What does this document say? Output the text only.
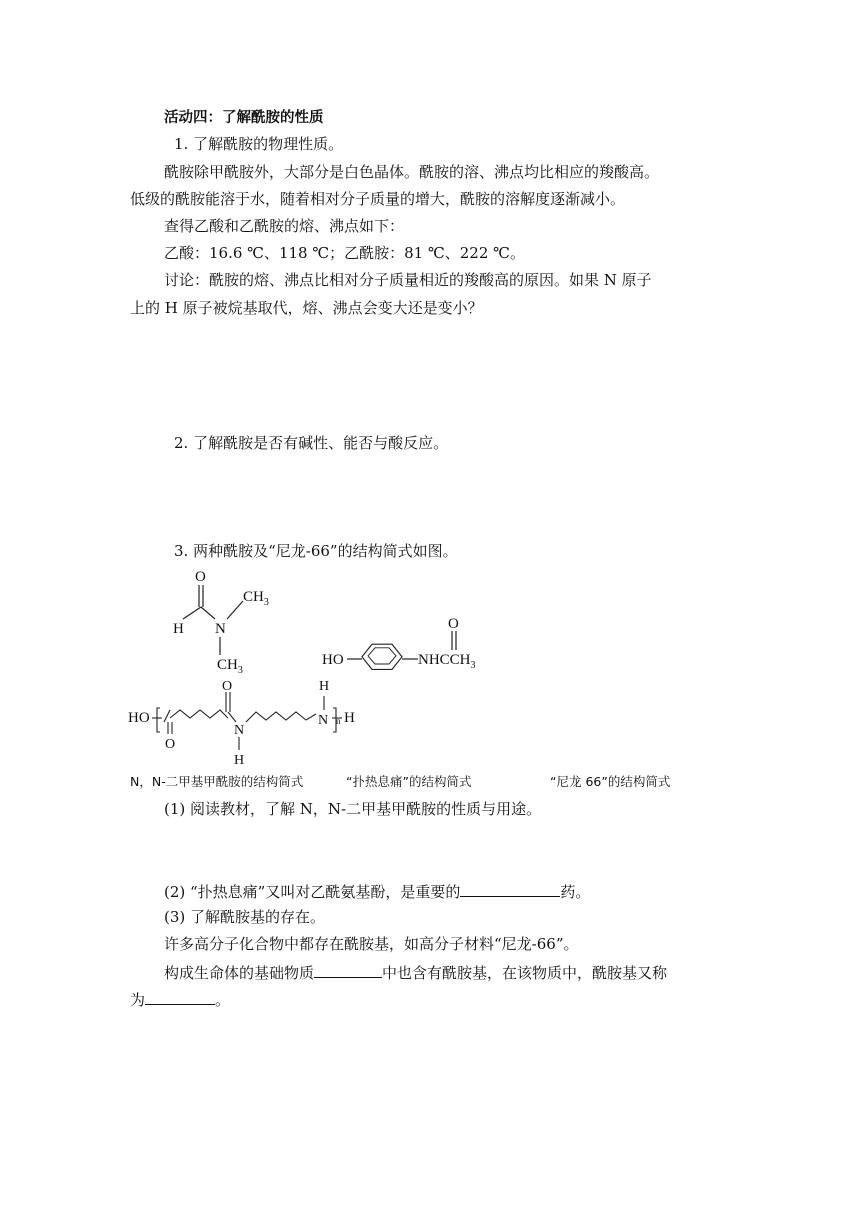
活动四：了解酰胺的性质
1. 了解酰胺的物理性质。
酰胺除甲酰胺外，大部分是白色晶体。酰胺的溶、沸点均比相应的羧酸高。
低级的酰胺能溶于水，随着相对分子质量的增大，酰胺的溶解度逐渐减小。
查得乙酸和乙酰胺的熔、沸点如下：
乙酸：16.6 ℃、118 ℃；乙酰胺：81 ℃、222 ℃。
讨论：酰胺的熔、沸点比相对分子质量相近的羧酸高的原因。如果 N 原子
上的 H 原子被烷基取代，熔、沸点会变大还是变小？
2. 了解酰胺是否有碱性、能否与酸反应。
3. 两种酰胺及“尼龙-66”的结构简式如图。
O
H N
$CH_3$
$CH_3$
HO	$NHCCH_3$
O
HO
O
O
N
H
N
H
n H
N，N-二甲基甲酰胺的结构简式	“扑热息痛”的结构简式	“尼龙 66”的结构简式
(1) 阅读教材，了解 N，N-二甲基甲酰胺的性质与用途。
(2) “扑热息痛”又叫对乙酰氨基酚，是重要的	药。
(3) 了解酰胺基的存在。
许多高分子化合物中都存在酰胺基，如高分子材料“尼龙-66”。
构成生命体的基础物质	中也含有酰胺基，在该物质中，酰胺基又称
为	。
